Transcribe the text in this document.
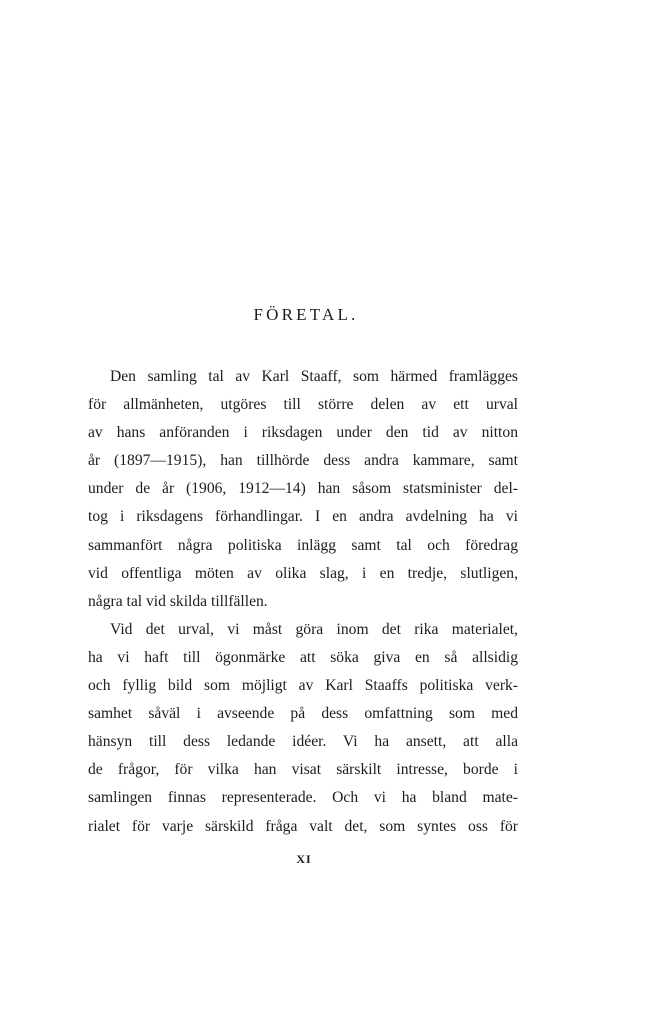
FÖRETAL.

Den samling tal av Karl Staaff, som härmed framlägges
för allmänheten, utgöres till större delen av ett urval
av hans anföranden i riksdagen under den tid av nitton
år (1897—1915), han tillhörde dess andra kammare, samt
under de år (1906, 1912—14) han såsom statsminister del-
tog i riksdagens förhandlingar. I en andra avdelning ha vi
sammanfört några politiska inlägg samt tal och föredrag
vid offentliga möten av olika slag, i en tredje, slutligen,
några tal vid skilda tillfällen.

Vid det urval, vi måst göra inom det rika materialet,
ha vi haft till ögonmärke att söka giva en så allsidig
och fyllig bild som möjligt av Karl Staaffs politiska verk-
samhet såväl i avseende på dess omfattning som med
hänsyn till dess ledande idéer. Vi ha ansett, att alla
de frågor, för vilka han visat särskilt intresse, borde i
samlingen finnas representerade. Och vi ha bland mate-
rialet för varje särskild fråga valt det, som syntes oss för

XI
